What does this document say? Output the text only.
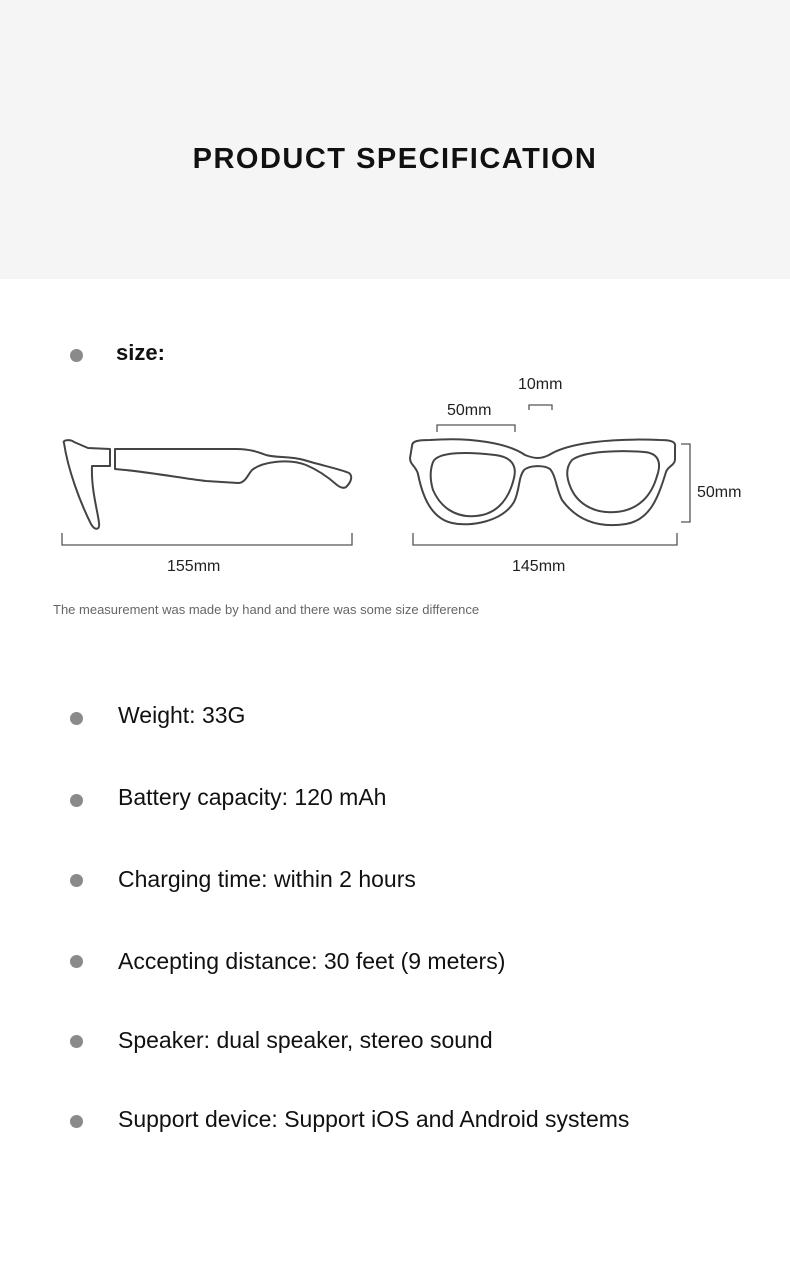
PRODUCT SPECIFICATION
size:
155mm
50mm
10mm
50mm
145mm
The measurement was made by hand and there was some size difference
Weight: 33G
Battery capacity: 120 mAh
Charging time: within 2 hours
Accepting distance: 30 feet (9 meters)
Speaker: dual speaker, stereo sound
Support device: Support iOS and Android systems
